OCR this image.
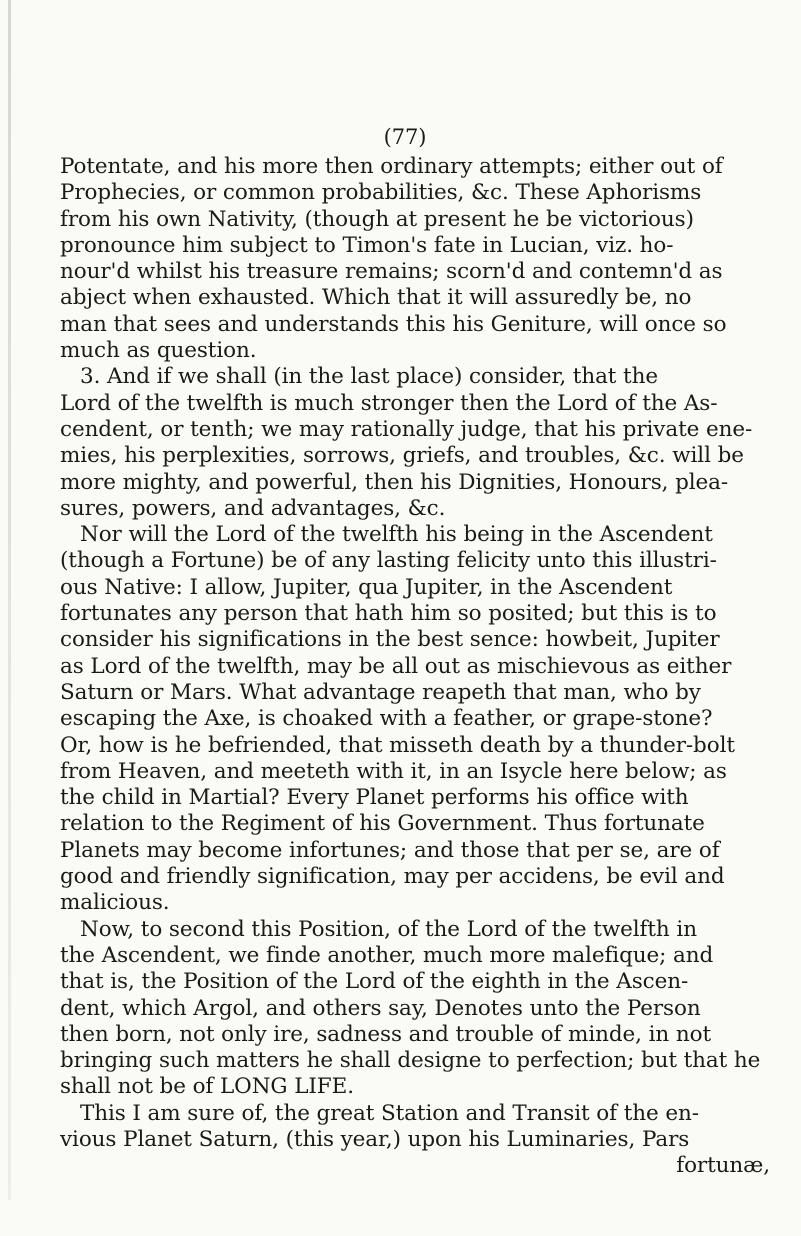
(77)
Potentate, and his more then ordinary attempts; either out of
Prophecies, or common probabilities, &c. These Aphorisms
from his own Nativity, (though at present he be victorious)
pronounce him subject to Timon's fate in Lucian, viz. ho-
nour'd whilst his treasure remains; scorn'd and contemn'd as
abject when exhausted. Which that it will assuredly be, no
man that sees and understands this his Geniture, will once so
much as question.
3. And if we shall (in the last place) consider, that the
Lord of the twelfth is much stronger then the Lord of the As-
cendent, or tenth; we may rationally judge, that his private ene-
mies, his perplexities, sorrows, griefs, and troubles, &c. will be
more mighty, and powerful, then his Dignities, Honours, plea-
sures, powers, and advantages, &c.
Nor will the Lord of the twelfth his being in the Ascendent
(though a Fortune) be of any lasting felicity unto this illustri-
ous Native: I allow, Jupiter, qua Jupiter, in the Ascendent
fortunates any person that hath him so posited; but this is to
consider his significations in the best sence: howbeit, Jupiter
as Lord of the twelfth, may be all out as mischievous as either
Saturn or Mars. What advantage reapeth that man, who by
escaping the Axe, is choaked with a feather, or grape-stone?
Or, how is he befriended, that misseth death by a thunder-bolt
from Heaven, and meeteth with it, in an Isycle here below; as
the child in Martial? Every Planet performs his office with
relation to the Regiment of his Government. Thus fortunate
Planets may become infortunes; and those that per se, are of
good and friendly signification, may per accidens, be evil and
malicious.
Now, to second this Position, of the Lord of the twelfth in
the Ascendent, we finde another, much more malefique; and
that is, the Position of the Lord of the eighth in the Ascen-
dent, which Argol, and others say, Denotes unto the Person
then born, not only ire, sadness and trouble of minde, in not
bringing such matters he shall designe to perfection; but that he
shall not be of LONG LIFE.
This I am sure of, the great Station and Transit of the en-
vious Planet Saturn, (this year,) upon his Luminaries, Pars
fortunæ,
